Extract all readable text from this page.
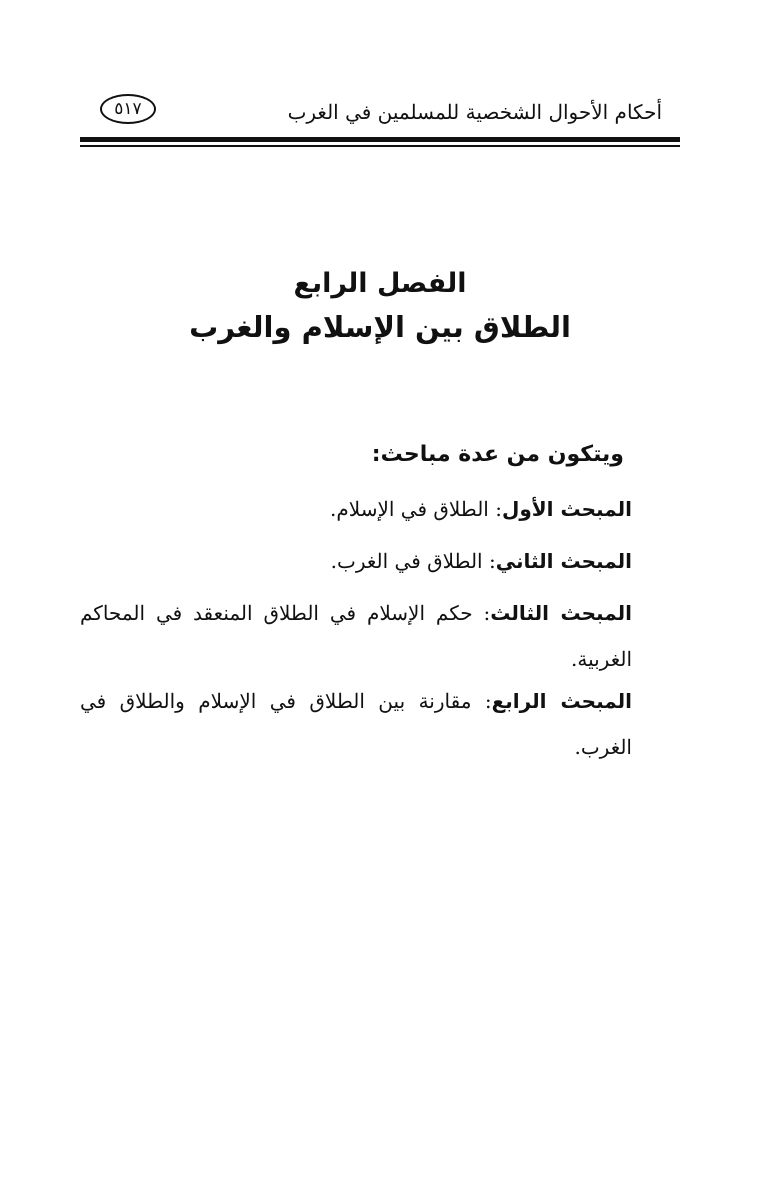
أحكام الأحوال الشخصية للمسلمين في الغرب
٥١٧
الفصل الرابع
الطلاق بين الإسلام والغرب
ويتكون من عدة مباحث:
المبحث الأول: الطلاق في الإسلام.
المبحث الثاني: الطلاق في الغرب.
المبحث الثالث: حكم الإسلام في الطلاق المنعقد في المحاكم الغربية.
المبحث الرابع: مقارنة بين الطلاق في الإسلام والطلاق في الغرب.
